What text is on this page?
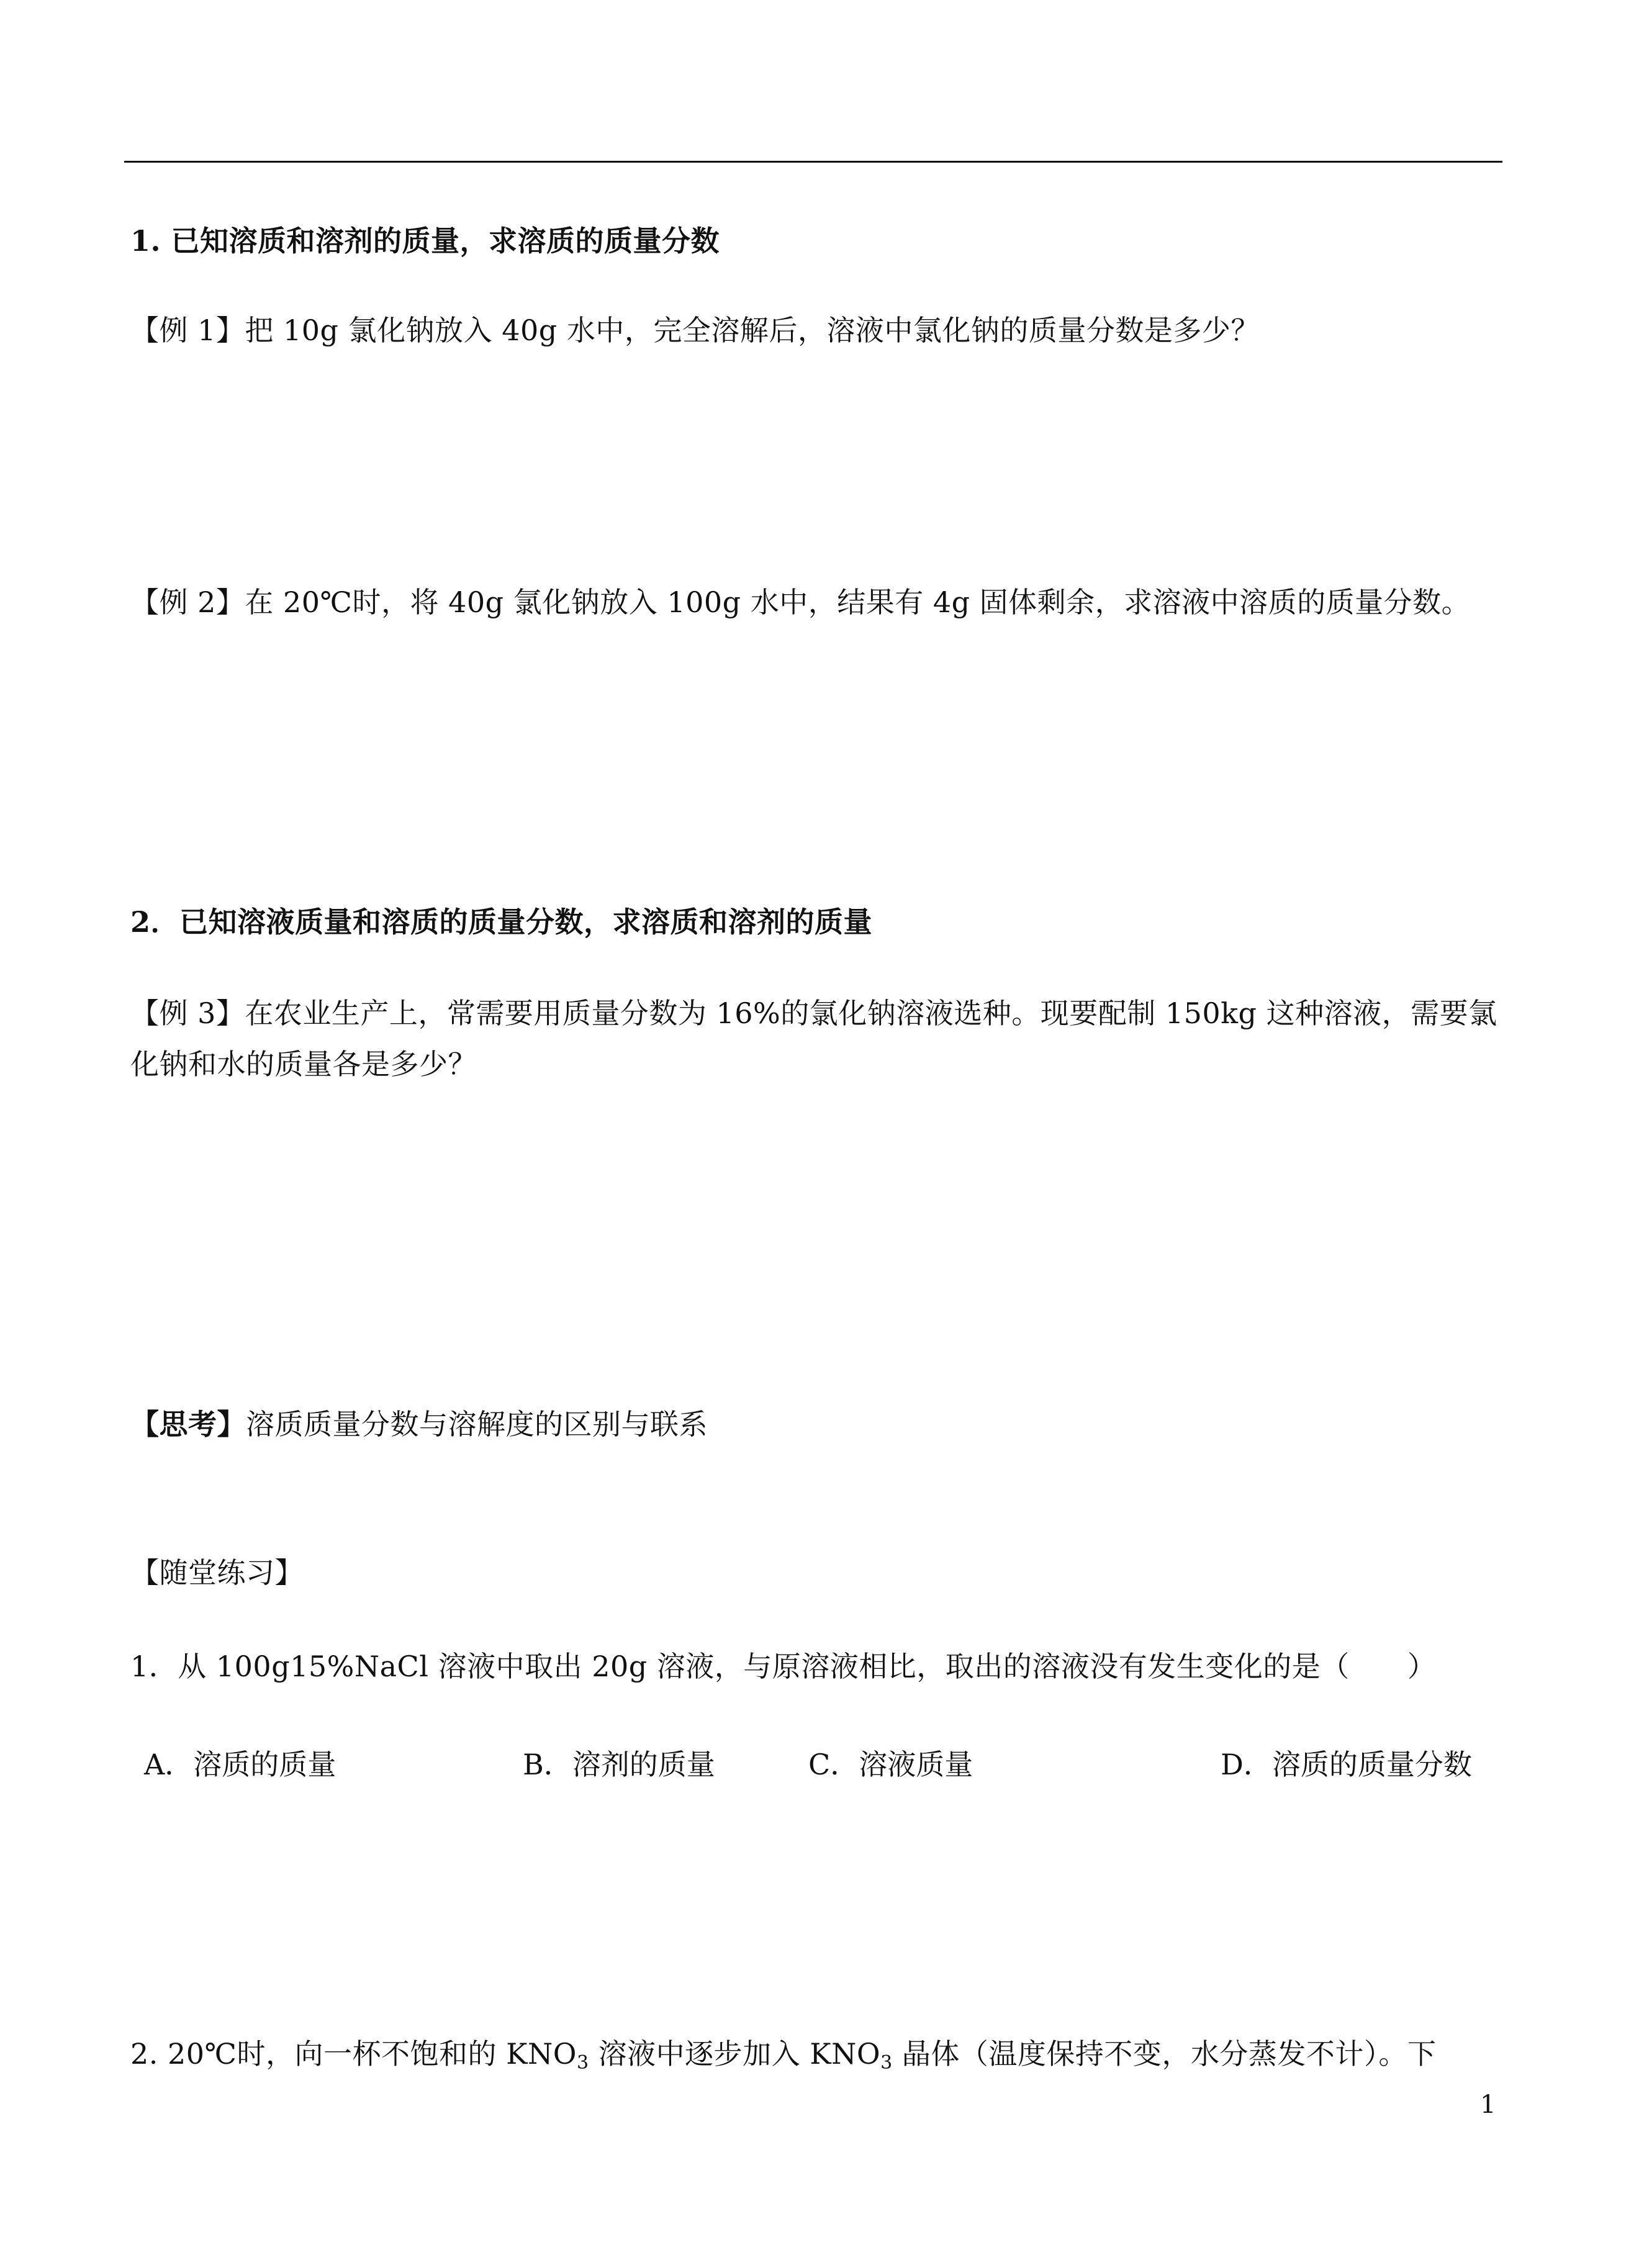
1. 已知溶质和溶剂的质量，求溶质的质量分数
【例 1】把 10g 氯化钠放入 40g 水中，完全溶解后，溶液中氯化钠的质量分数是多少？
【例 2】在 20℃时，将 40g 氯化钠放入 100g 水中，结果有 4g 固体剩余，求溶液中溶质的质量分数。
2．已知溶液质量和溶质的质量分数，求溶质和溶剂的质量
【例 3】在农业生产上，常需要用质量分数为 16%的氯化钠溶液选种。现要配制 150kg 这种溶液，需要氯化钠和水的质量各是多少？
【思考】溶质质量分数与溶解度的区别与联系
【随堂练习】
1．从 100g15%NaCl 溶液中取出 20g 溶液，与原溶液相比，取出的溶液没有发生变化的是（　　）
A．溶质的质量	B．溶剂的质量	C．溶液质量	D．溶质的质量分数
2. 20℃时，向一杯不饱和的 $KNO_3$ 溶液中逐步加入 $KNO_3$ 晶体（温度保持不变，水分蒸发不计）。下
1
